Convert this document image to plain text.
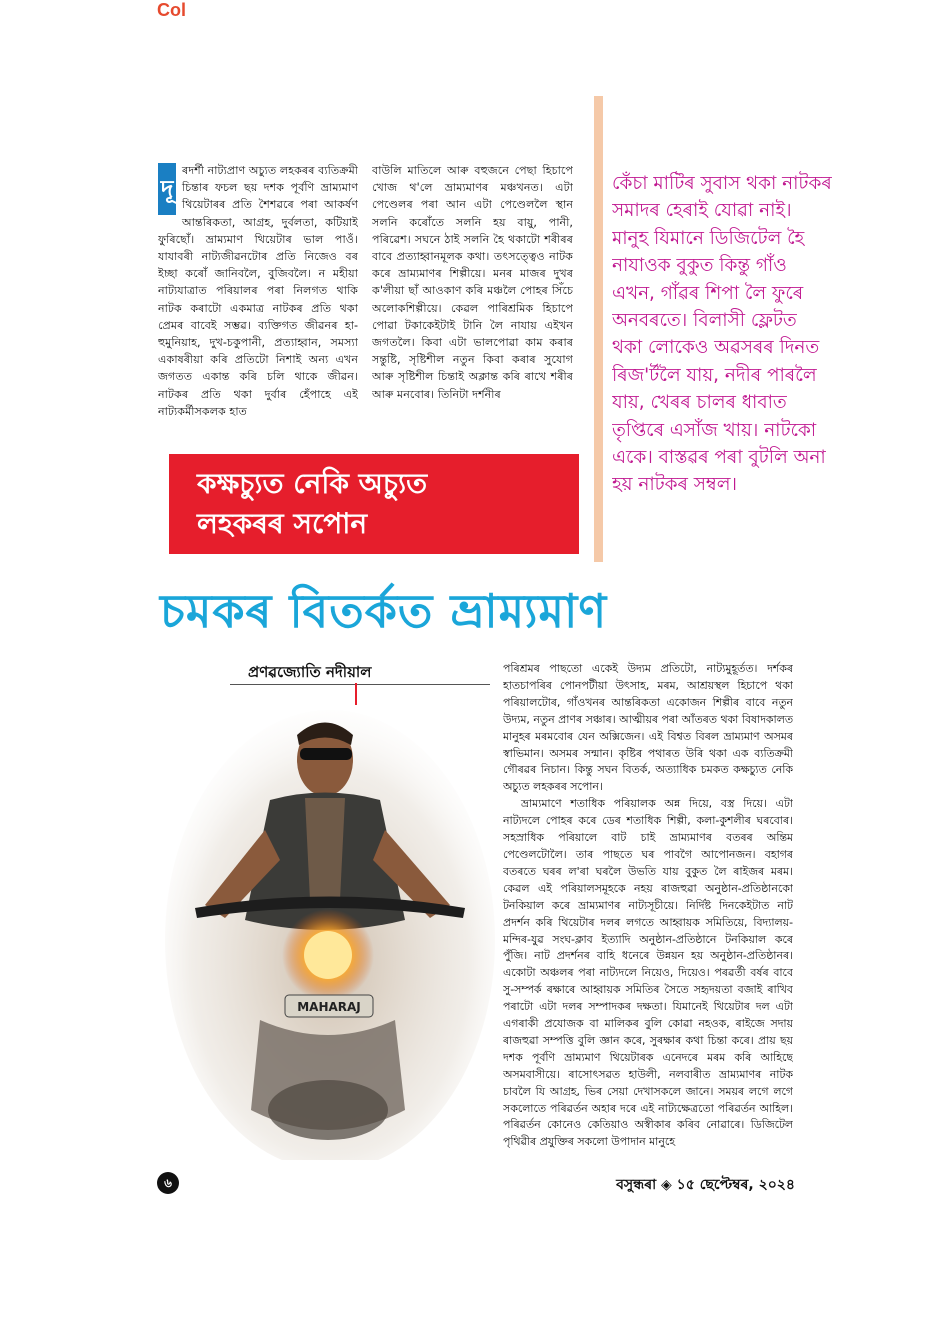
Col
দূ
ৰদৰ্শী নাট্যপ্ৰাণ অচ্যুত লহকৰৰ ব্যতিক্ৰমী চিন্তাৰ ফচল ছয় দশক পূৰ্বণি ভ্ৰাম্যমাণ থিয়েটাৰৰ প্ৰতি শৈশৱৰে পৰা আকৰ্ষণ আন্তৰিকতা, আগ্ৰহ, দুৰ্বলতা, কটিয়াই ফুৰিছোঁ। ভ্ৰাম্যমাণ থিয়েটাৰ ভাল পাওঁ। যাযাবৰী নাট্যজীৱনটোৰ প্ৰতি নিজেও বৰ ইচ্ছা কৰোঁ জানিবলৈ, বুজিবলৈ। ন মহীয়া নাট্যযাত্ৰাত পৰিয়ালৰ পৰা নিলগত থাকি নাটক কৰাটো একমাত্ৰ নাটকৰ প্ৰতি থকা প্ৰেমৰ বাবেই সম্ভৱ। ব্যক্তিগত জীৱনৰ হা-হুমুনিয়াহ, দুখ-চকুপানী, প্ৰত্যাহ্বান, সমস্যা একাষৰীয়া কৰি প্ৰতিটো নিশাই অন্য এখন জগতত একান্ত কৰি চলি থাকে জীৱন। নাটকৰ প্ৰতি থকা দুৰ্বাৰ হেঁপাহে এই নাট্যকৰ্মীসকলক হাত
বাউলি মাতিলে আৰু বহুজনে পেছা হিচাপে খোজ থ'লে ভ্ৰাম্যমাণৰ মঞ্চখনত। এটা পেণ্ডেলৰ পৰা আন এটা পেণ্ডেললৈ স্থান সলনি কৰোঁতে সলনি হয় বায়ু, পানী, পৰিৱেশ। সঘনে ঠাই সলনি হৈ থকাটো শৰীৰৰ বাবে প্ৰত্যাহ্বানমূলক কথা। তৎসত্ত্বেও নাটক কৰে ভ্ৰাম্যমাণৰ শিল্পীয়ে। মনৰ মাজৰ দুখৰ ক'লীয়া ছাঁ আওকাণ কৰি মঞ্চলৈ পোহৰ সিঁচে অলোকশিল্পীয়ে। কেৱল পাৰিশ্ৰমিক হিচাপে পোৱা টকাকেইটাই টানি লৈ নাযায় এইখন জগতলৈ। কিবা এটা ভালপোৱা কাম কৰাৰ সন্তুষ্টি, সৃষ্টিশীল নতুন কিবা কৰাৰ সুযোগ আৰু সৃষ্টিশীল চিন্তাই অক্লান্ত কৰি ৰাখে শৰীৰ আৰু মনবোৰ। তিনিটা দৰ্শনীৰ
কেঁচা মাটিৰ সুবাস থকা নাটকৰ সমাদৰ হেৰাই যোৱা নাই। মানুহ যিমানে ডিজিটেল হৈ নাযাওক বুকুত কিন্তু গাঁও এখন, গাঁৱৰ শিপা লৈ ফুৰে অনবৰতে। বিলাসী ফ্লেটত থকা লোকেও অৱসৰৰ দিনত ৰিজ'ৰ্টলৈ যায়, নদীৰ পাৰলৈ যায়, খেৰৰ চালৰ ধাবাত তৃপ্তিৰে এসাঁজ খায়। নাটকো একে। বাস্তৱৰ পৰা বুটলি অনা হয় নাটকৰ সম্বল।
কক্ষচ্যুত নেকি অচ্যুত
লহকৰৰ সপোন
চমকৰ বিতৰ্কত ভ্ৰাম্যমাণ
প্ৰণৱজ্যোতি নদীয়াল
MAHARAJ

পৰিশ্ৰমৰ পাছতো একেই উদ্যম প্ৰতিটো, নাট্যমুহূৰ্তত। দৰ্শকৰ হাতচাপৰিৰ পোনপটীয়া উৎসাহ, মৰম, আশ্ৰয়স্থল হিচাপে থকা পৰিয়ালটোৰ, গাঁওখনৰ আন্তৰিকতা একোজন শিল্পীৰ বাবে নতুন উদ্যম, নতুন প্ৰাণৰ সঞ্চাৰ। আত্মীয়ৰ পৰা আঁতৰত থকা বিষাদকালত মানুহৰ মৰমবোৰ যেন অক্সিজেন। এই বিশ্বত বিৰল ভ্ৰাম্যমাণ অসমৰ স্বাভিমান। অসমৰ সন্মান। কৃষ্টিৰ পথাৰত উৰি থকা এক ব্যতিক্ৰমী গৌৰৱৰ নিচান। কিন্তু সঘন বিতৰ্ক, অত্যাধিক চমকত কক্ষচ্যুত নেকি অচ্যুত লহকৰৰ সপোন।

ভ্ৰাম্যমাণে শতাধিক পৰিয়ালক অন্ন দিয়ে, বস্ত্ৰ দিয়ে। এটা নাট্যদলে পোহৰ কৰে ডেৰ শতাধিক শিল্পী, কলা-কুশলীৰ ঘৰবোৰ। সহস্ৰাধিক পৰিয়ালে বাট চাই ভ্ৰাম্যমাণৰ বতৰৰ অন্তিম পেণ্ডেলটোলৈ। তাৰ পাছতে ঘৰ পাবগৈ আপোনজন। বহাগৰ বতৰতে ঘৰৰ ল'ৰা ঘৰলৈ উভতি যায় বুকুত লৈ ৰাইজৰ মৰম। কেৱল এই পৰিয়ালসমূহকে নহয় ৰাজহুৱা অনুষ্ঠান-প্ৰতিষ্ঠানকো টনকিয়াল কৰে ভ্ৰাম্যমাণৰ নাট্যসূচীয়ে। নিৰ্দিষ্ট দিনকেইটাত নাট প্ৰদৰ্শন কৰি থিয়েটাৰ দলৰ লগতে আহ্বায়ক সমিতিয়ে, বিদ্যালয়-মন্দিৰ-যুৱ সংঘ-ক্লাব ইত্যাদি অনুষ্ঠান-প্ৰতিষ্ঠানে টনকিয়াল কৰে পুঁজি। নাট প্ৰদৰ্শনৰ বাহি ধনেৰে উন্নয়ন হয় অনুষ্ঠান-প্ৰতিষ্ঠানৰ। একোটা অঞ্চলৰ পৰা নাট্যদলে নিয়েও, দিয়েও। পৰৱৰ্তী বৰ্ষৰ বাবে সু-সম্পৰ্ক ৰক্ষাৰে আহ্বায়ক সমিতিৰ সৈতে সহৃদয়তা বজাই ৰাখিব পৰাটো এটা দলৰ সম্পাদকৰ দক্ষতা। যিমানেই থিয়েটাৰ দল এটা এগৰাকী প্ৰযোজক বা মালিকৰ বুলি কোৱা নহওক, ৰাইজে সদায় ৰাজহুৱা সম্পত্তি বুলি জ্ঞান কৰে, সুৰক্ষাৰ কথা চিন্তা কৰে। প্ৰায় ছয় দশক পূৰ্বণি ভ্ৰাম্যমাণ থিয়েটাৰক এনেদৰে মৰম কৰি আহিছে অসমবাসীয়ে। ৰাসোৎসৱত হাউলী, নলবাৰীত ভ্ৰাম্যমাণৰ নাটক চাবলৈ যি আগ্ৰহ, ভিৰ সেয়া দেখাসকলে জানে। সময়ৰ লগে লগে সকলোতে পৰিৱৰ্তন অহাৰ দৰে এই নাট্যক্ষেত্ৰতো পৰিৱৰ্তন আহিল। পৰিৱৰ্তন কোনেও কেতিয়াও অস্বীকাৰ কৰিব নোৱাৰে। ডিজিটেল পৃথিৱীৰ প্ৰযুক্তিৰ সকলো উপাদান মানুহে

৬	বসুন্ধৰা ◈ ১৫ ছেপ্টেম্বৰ, ২০২৪
